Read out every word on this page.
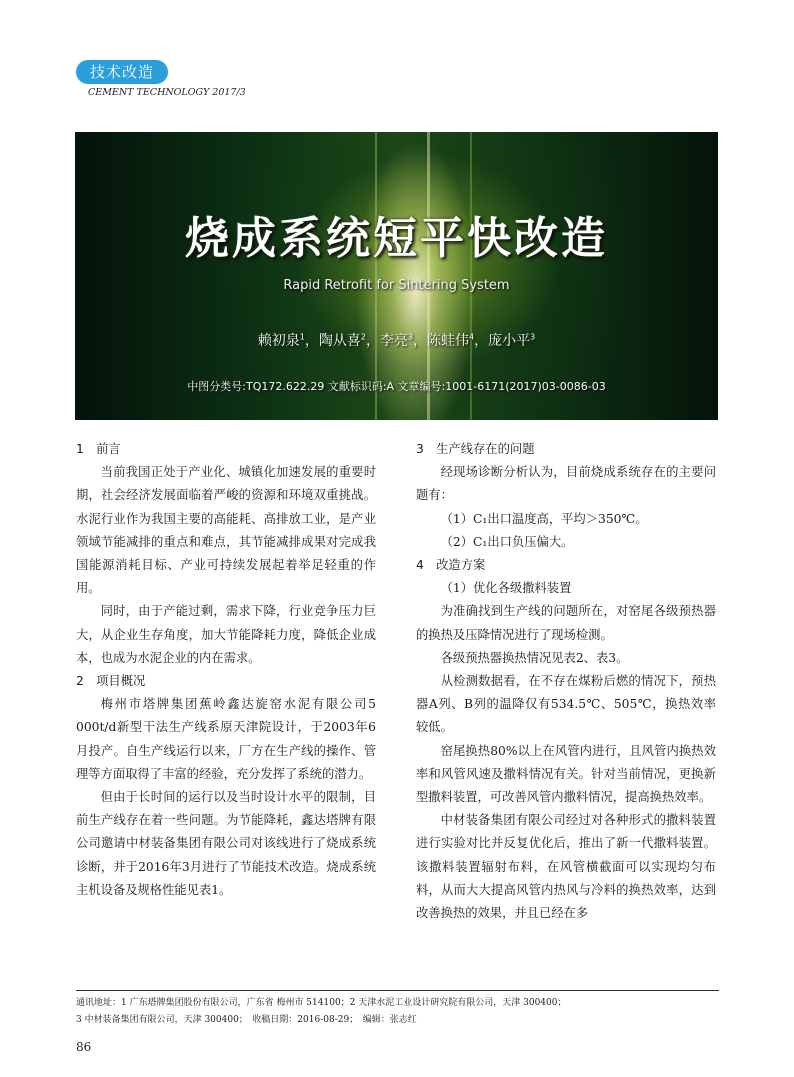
技术改造
CEMENT TECHNOLOGY 2017/3
烧成系统短平快改造
Rapid Retrofit for Sintering System
赖初泉$^1$，陶从喜$^2$，李亮$^3$，陈蛙伟$^4$，庞小平$^3$
中图分类号:TQ172.622.29 文献标识码:A 文章编号:1001-6171(2017)03-0086-03

1　前言

当前我国正处于产业化、城镇化加速发展的重要时期，社会经济发展面临着严峻的资源和环境双重挑战。水泥行业作为我国主要的高能耗、高排放工业，是产业领域节能减排的重点和难点，其节能减排成果对完成我国能源消耗目标、产业可持续发展起着举足轻重的作用。

同时，由于产能过剩，需求下降，行业竞争压力巨大，从企业生存角度，加大节能降耗力度，降低企业成本，也成为水泥企业的内在需求。

2　项目概况

梅州市塔牌集团蕉岭鑫达旋窑水泥有限公司5 000t/d新型干法生产线系原天津院设计，于2003年6月投产。自生产线运行以来，厂方在生产线的操作、管理等方面取得了丰富的经验，充分发挥了系统的潜力。

但由于长时间的运行以及当时设计水平的限制，目前生产线存在着一些问题。为节能降耗，鑫达塔牌有限公司邀请中材装备集团有限公司对该线进行了烧成系统诊断，并于2016年3月进行了节能技术改造。烧成系统主机设备及规格性能见表1。

3　生产线存在的问题

经现场诊断分析认为，目前烧成系统存在的主要问题有：

（1）C₁出口温度高，平均＞350℃。

（2）C₁出口负压偏大。

4　改造方案

（1）优化各级撒料装置

为准确找到生产线的问题所在，对窑尾各级预热器的换热及压降情况进行了现场检测。

各级预热器换热情况见表2、表3。

从检测数据看，在不存在煤粉后燃的情况下，预热器A列、B列的温降仅有534.5℃、505℃，换热效率较低。

窑尾换热80%以上在风管内进行，且风管内换热效率和风管风速及撒料情况有关。针对当前情况，更换新型撒料装置，可改善风管内撒料情况，提高换热效率。

中材装备集团有限公司经过对各种形式的撒料装置进行实验对比并反复优化后，推出了新一代撒料装置。该撒料装置辐射布料，在风管横截面可以实现均匀布料，从而大大提高风管内热风与冷料的换热效率，达到改善换热的效果，并且已经在多

通讯地址：1 广东塔牌集团股份有限公司，广东省 梅州市 514100；2 天津水泥工业设计研究院有限公司，天津 300400；
3 中材装备集团有限公司，天津 300400；　收稿日期：2016-08-29；　编辑：张志红
86
